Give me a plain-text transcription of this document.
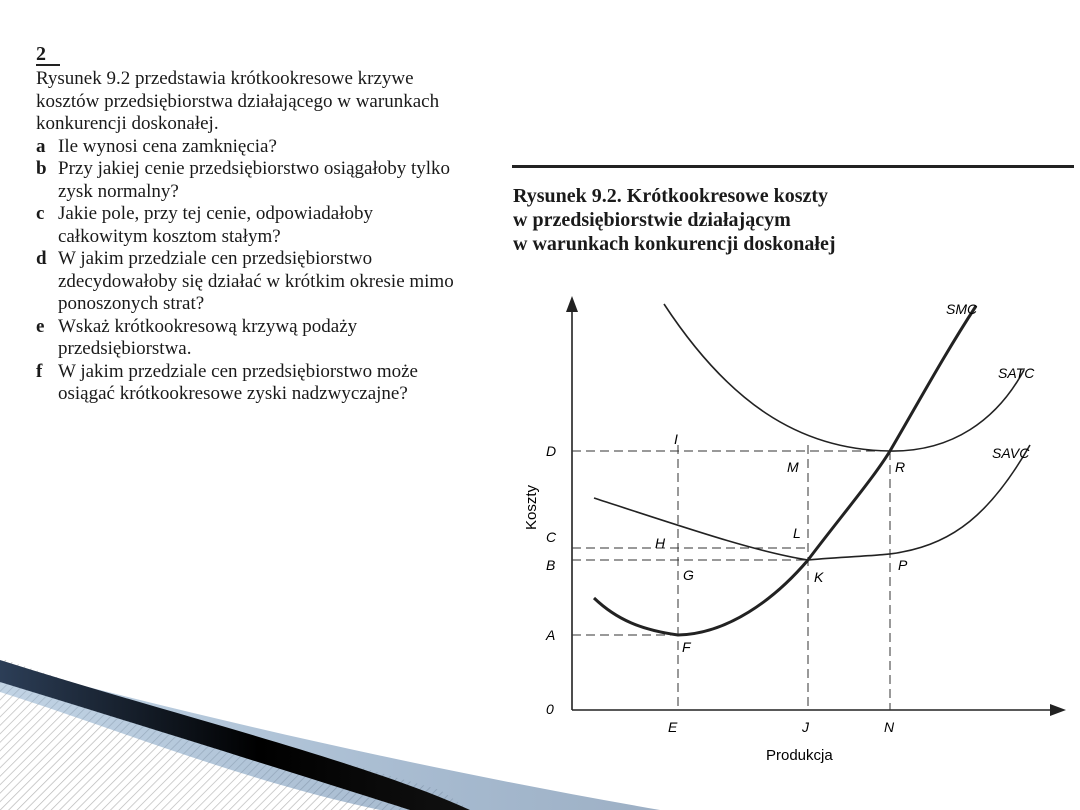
2

Rysunek 9.2 przedstawia krótkookresowe krzywe kosztów przedsiębiorstwa działającego w warunkach konkurencji doskonałej.

a Ile wynosi cena zamknięcia?
b Przy jakiej cenie przedsiębiorstwo osiągałoby tylko zysk normalny?
c Jakie pole, przy tej cenie, odpowiadałoby całkowitym kosztom stałym?
d W jakim przedziale cen przedsiębiorstwo zdecydowałoby się działać w krótkim okresie mimo ponoszonych strat?
e Wskaż krótkookresową krzywą podaży przedsiębiorstwa.
f W jakim przedziale cen przedsiębiorstwo może osiągać krótkookresowe zyski nadzwyczajne?
Rysunek 9.2. Krótkookresowe koszty
w przedsiębiorstwie działającym
w warunkach konkurencji doskonałej
SMC
SATC
SAVC
D
C
B
A
0
E	J	N
I
M	R
H
L
G	K
P
F
Produkcja
Koszty
